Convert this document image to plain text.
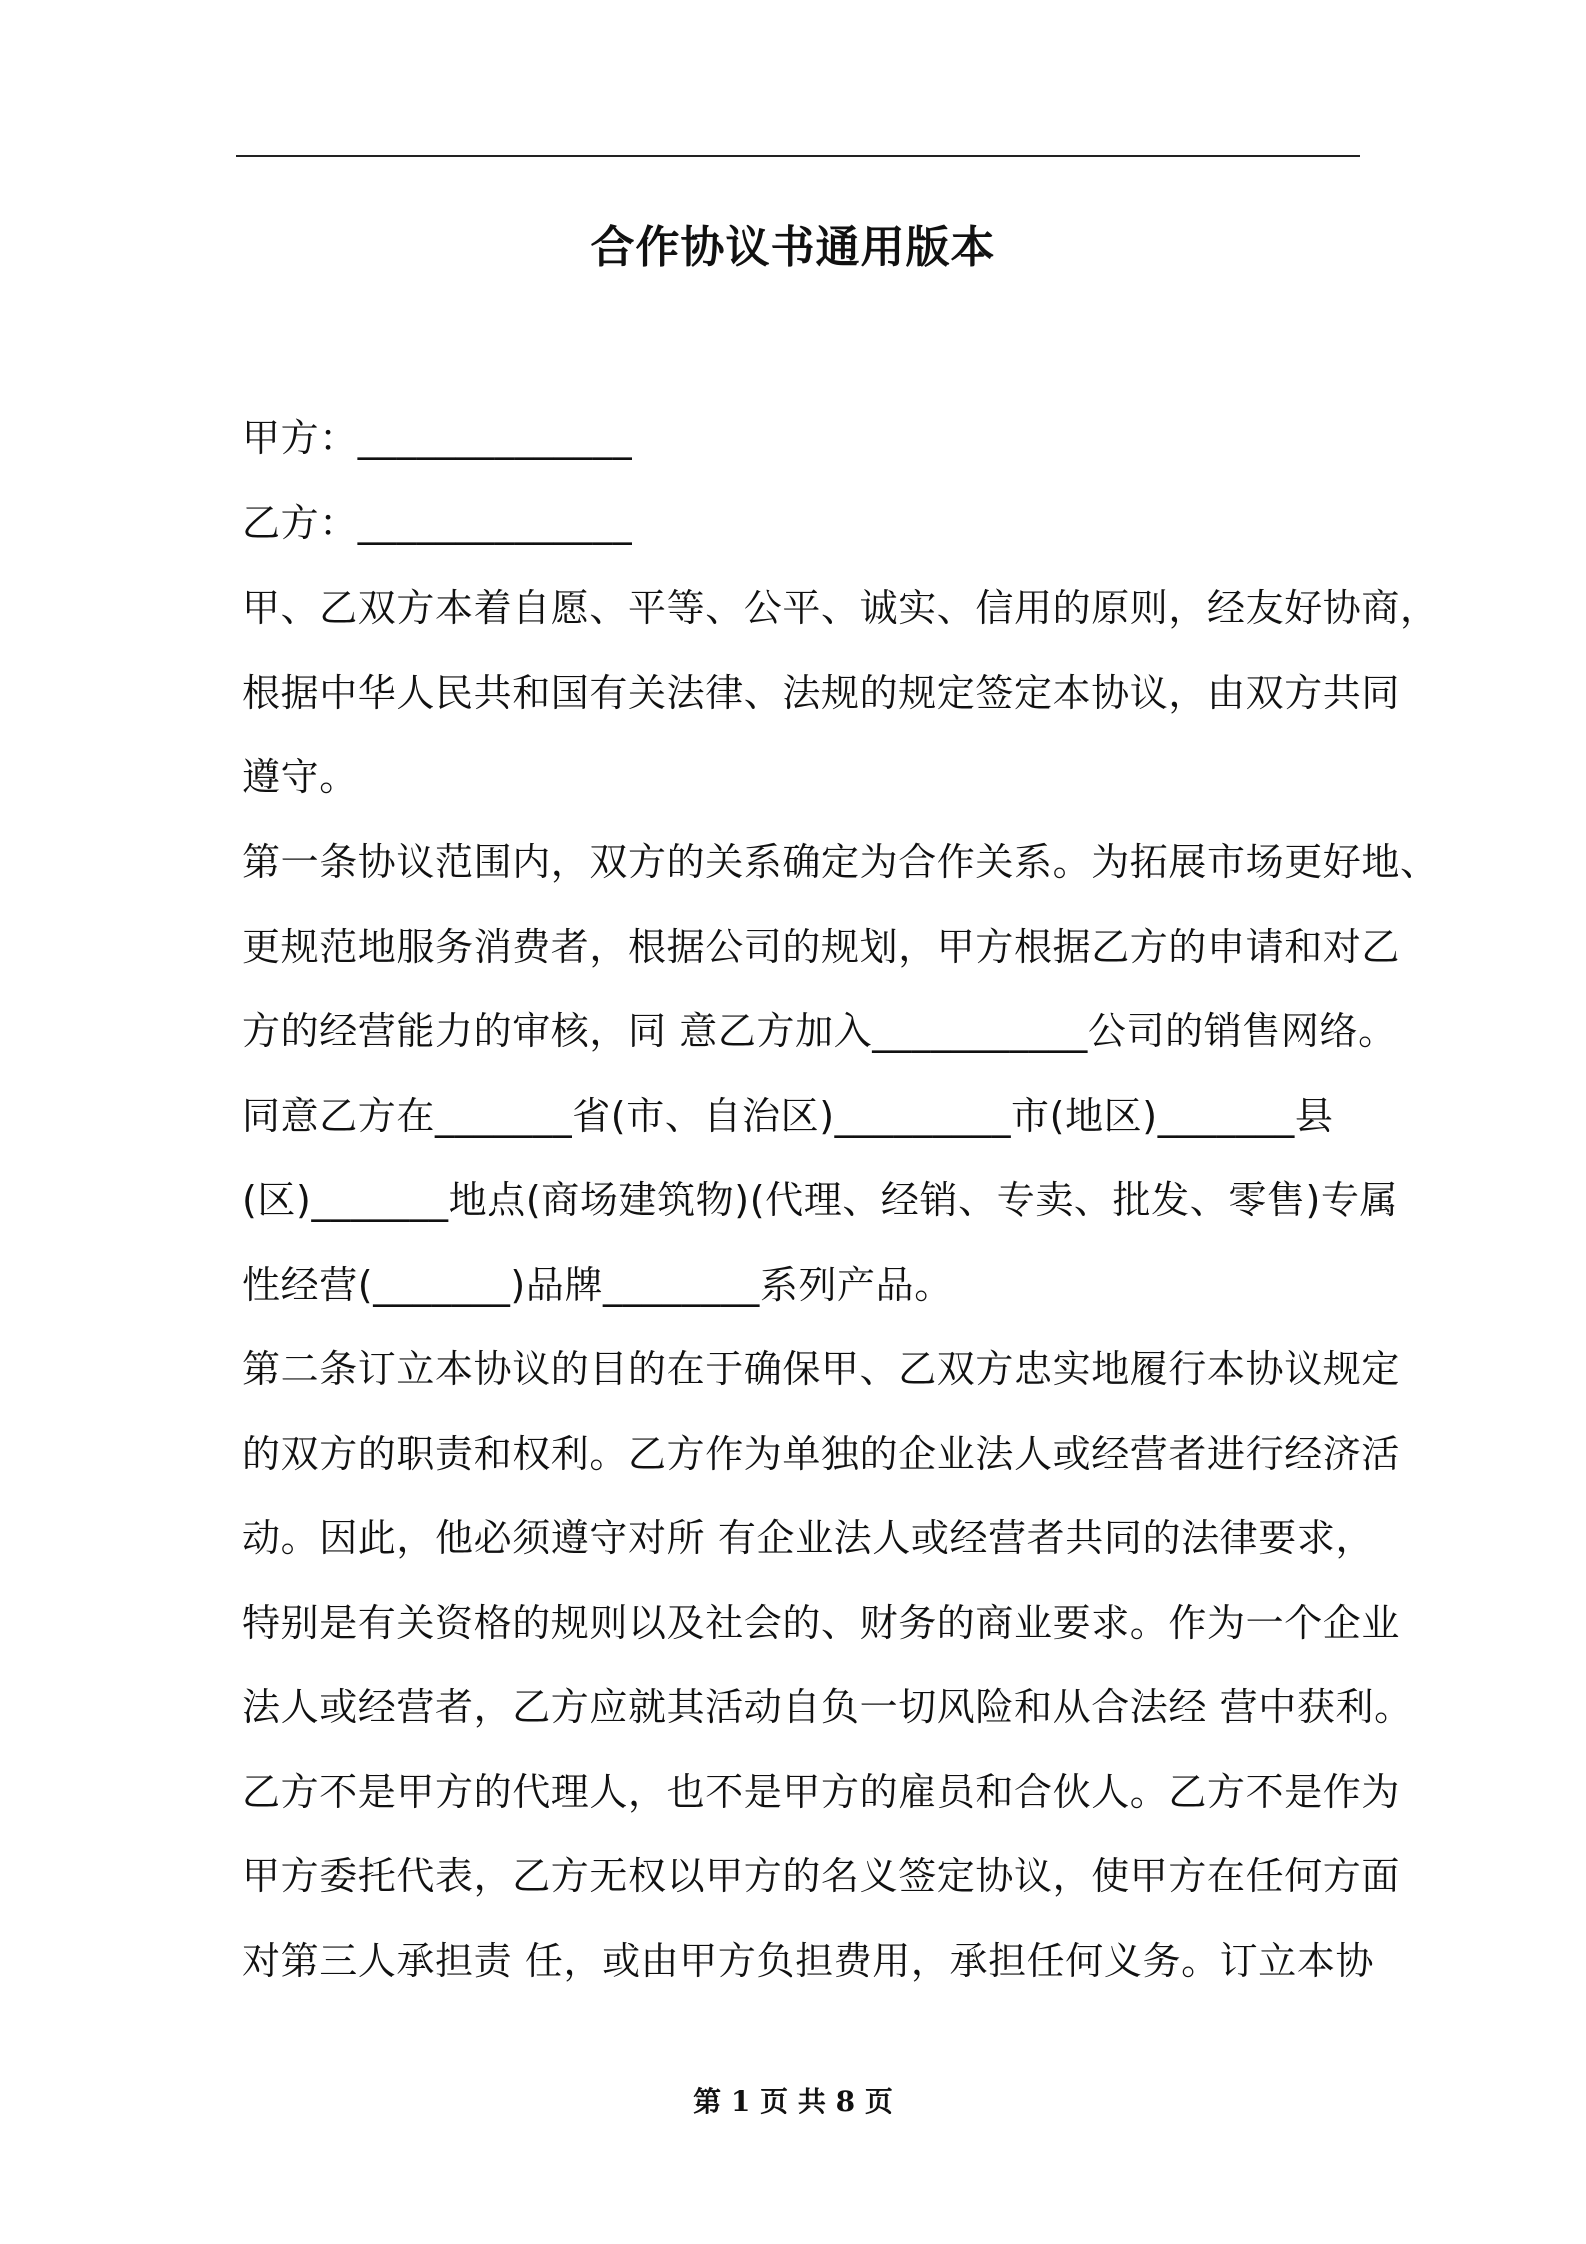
合作协议书通用版本
甲方：______________
乙方：______________
甲、乙双方本着自愿、平等、公平、诚实、信用的原则，经友好协商，
根据中华人民共和国有关法律、法规的规定签定本协议，由双方共同
遵守。
第一条协议范围内，双方的关系确定为合作关系。为拓展市场更好地、
更规范地服务消费者，根据公司的规划，甲方根据乙方的申请和对乙
方的经营能力的审核，同 意乙方加入___________公司的销售网络。
同意乙方在_______省(市、自治区)_________市(地区)_______县
(区)_______地点(商场建筑物)(代理、经销、专卖、批发、零售)专属
性经营(_______)品牌________系列产品。
第二条订立本协议的目的在于确保甲、乙双方忠实地履行本协议规定
的双方的职责和权利。乙方作为单独的企业法人或经营者进行经济活
动。因此，他必须遵守对所 有企业法人或经营者共同的法律要求，
特别是有关资格的规则以及社会的、财务的商业要求。作为一个企业
法人或经营者，乙方应就其活动自负一切风险和从合法经 营中获利。
乙方不是甲方的代理人，也不是甲方的雇员和合伙人。乙方不是作为
甲方委托代表，乙方无权以甲方的名义签定协议，使甲方在任何方面
对第三人承担责 任，或由甲方负担费用，承担任何义务。订立本协
第 1 页 共 8 页
